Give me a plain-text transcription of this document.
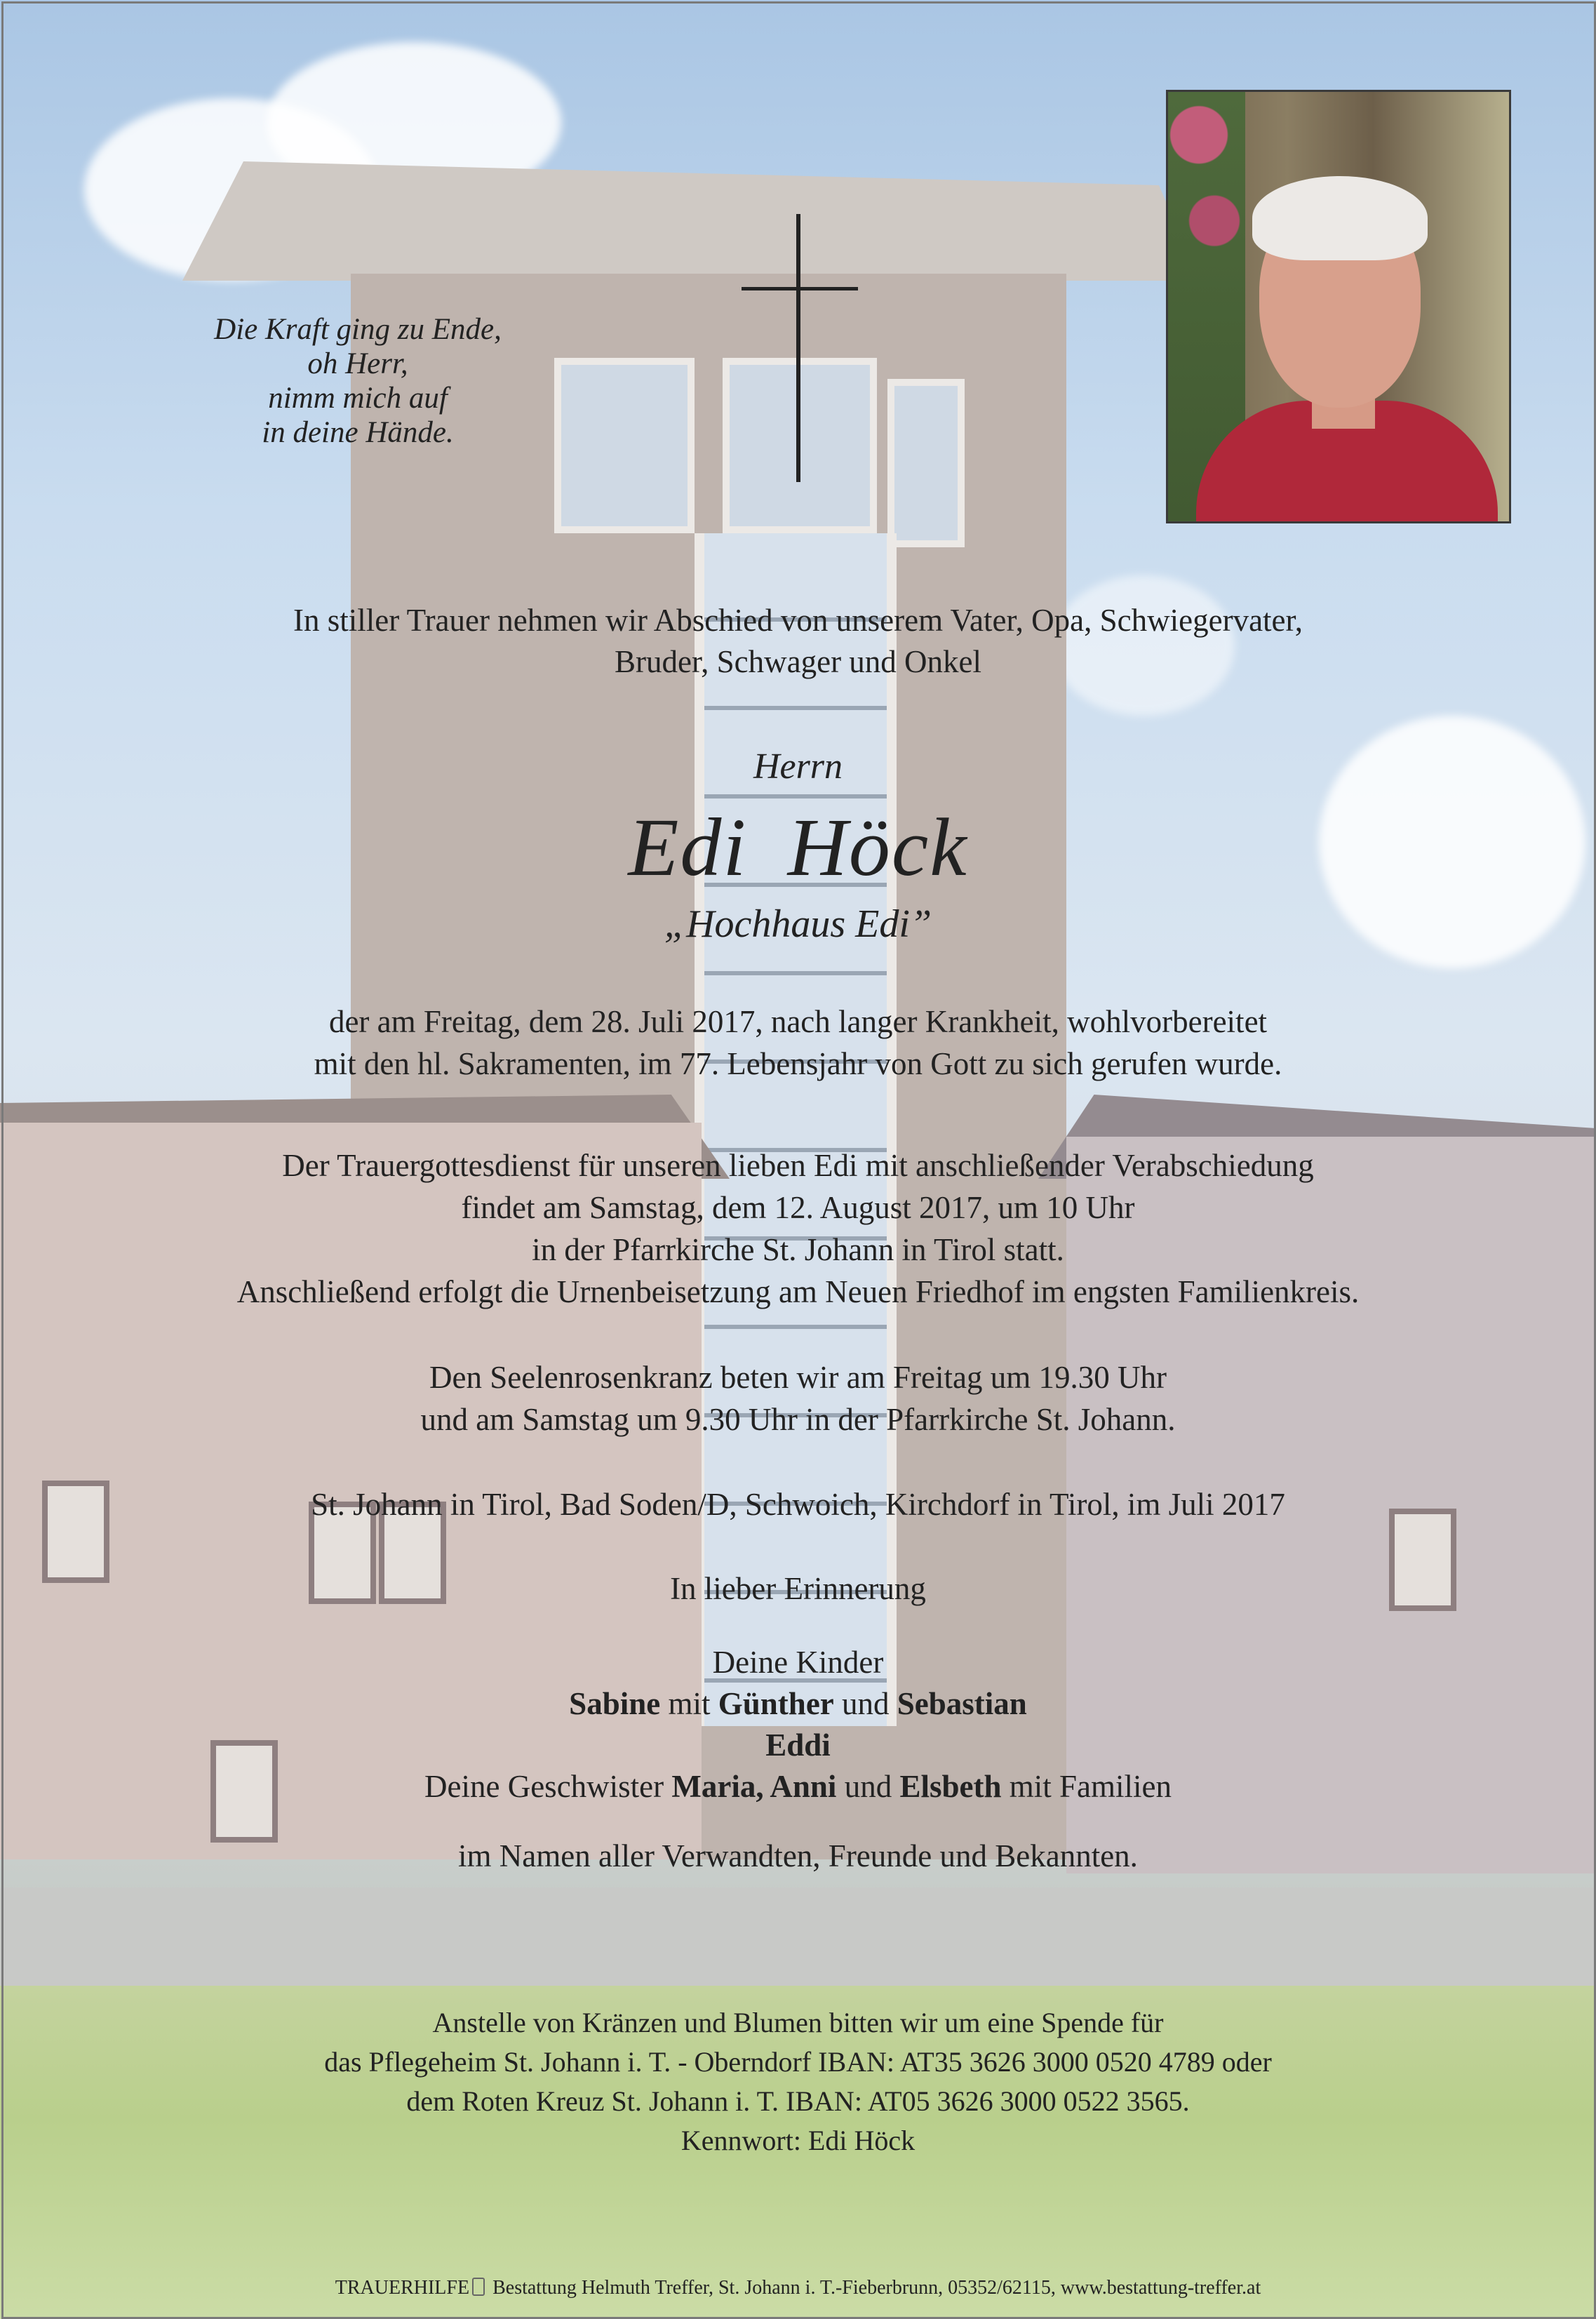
Die Kraft ging zu Ende,
oh Herr,
nimm mich auf
in deine Hände.
In stiller Trauer nehmen wir Abschied von unserem Vater, Opa, Schwiegervater,
Bruder, Schwager und Onkel
Herrn
Edi Höck
„Hochhaus Edi”
der am Freitag, dem 28. Juli 2017, nach langer Krankheit, wohlvorbereitet
mit den hl. Sakramenten, im 77. Lebensjahr von Gott zu sich gerufen wurde.
Der Trauergottesdienst für unseren lieben Edi mit anschließender Verabschiedung
findet am Samstag, dem 12. August 2017, um 10 Uhr
in der Pfarrkirche St. Johann in Tirol statt.
Anschließend erfolgt die Urnenbeisetzung am Neuen Friedhof im engsten Familienkreis.
Den Seelenrosenkranz beten wir am Freitag um 19.30 Uhr
und am Samstag um 9.30 Uhr in der Pfarrkirche St. Johann.
St. Johann in Tirol, Bad Soden/D, Schwoich, Kirchdorf in Tirol, im Juli 2017
In lieber Erinnerung
Deine Kinder
Sabine mit Günther und Sebastian
Eddi
Deine Geschwister Maria, Anni und Elsbeth mit Familien
im Namen aller Verwandten, Freunde und Bekannten.
Anstelle von Kränzen und Blumen bitten wir um eine Spende für
das Pflegeheim St. Johann i. T. - Oberndorf IBAN: AT35 3626 3000 0520 4789 oder
dem Roten Kreuz St. Johann i. T. IBAN: AT05 3626 3000 0522 3565.
Kennwort: Edi Höck
TRAUERHILFE Bestattung Helmuth Treffer, St. Johann i. T.-Fieberbrunn, 05352/62115, www.bestattung-treffer.at
